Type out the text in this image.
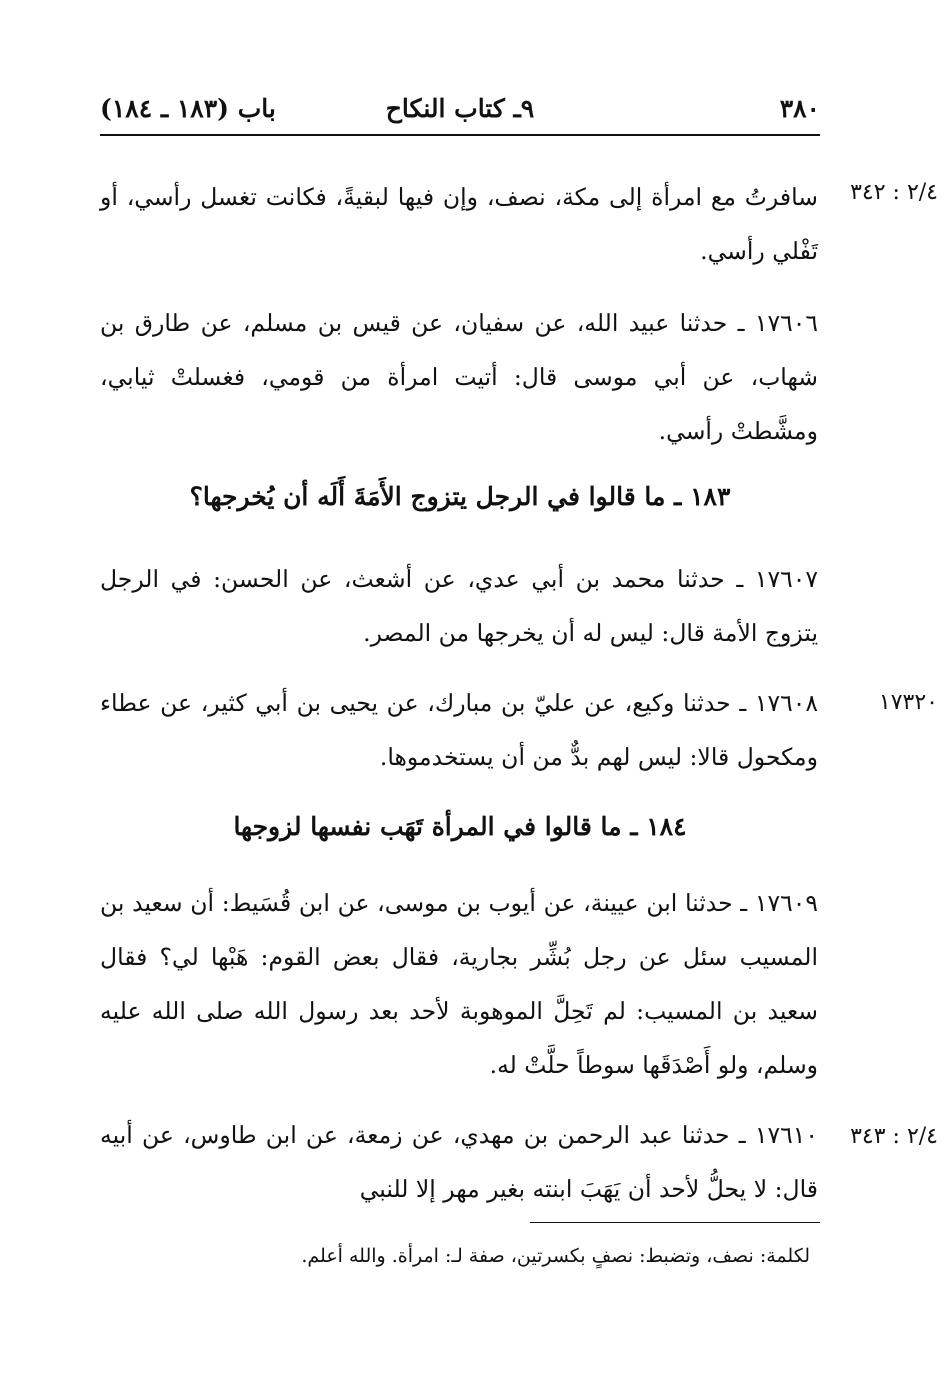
٣٨٠
٩ـ كتاب النكاح
باب (١٨٣ ـ ١٨٤)
٢/٤ : ٣٤٢
سافرتُ مع امرأة إلى مكة، نصف، وإن فيها لبقيةً، فكانت تغسل رأسي، أو تَفْلي رأسي.
١٧٦٠٦ ـ حدثنا عبيد الله، عن سفيان، عن قيس بن مسلم، عن طارق بن شهاب، عن أبي موسى قال: أتيت امرأة من قومي، فغسلتْ ثيابي، ومشَّطتْ رأسي.
١٨٣ ـ ما قالوا في الرجل يتزوج الأَمَةَ أَلَه أن يُخرجها؟
١٧٦٠٧ ـ حدثنا محمد بن أبي عدي، عن أشعث، عن الحسن: في الرجل يتزوج الأمة قال: ليس له أن يخرجها من المصر.
١٧٣٢٠
١٧٦٠٨ ـ حدثنا وكيع، عن عليّ بن مبارك، عن يحيى بن أبي كثير، عن عطاء ومكحول قالا: ليس لهم بدٌّ من أن يستخدموها.
١٨٤ ـ ما قالوا في المرأة تَهَب نفسها لزوجها
١٧٦٠٩ ـ حدثنا ابن عيينة، عن أيوب بن موسى، عن ابن قُسَيط: أن سعيد بن المسيب سئل عن رجل بُشِّر بجارية، فقال بعض القوم: هَبْها لي؟ فقال سعيد بن المسيب: لم تَحِلَّ الموهوبة لأحد بعد رسول الله صلى الله عليه وسلم، ولو أَصْدَقَها سوطاً حلَّتْ له.
٢/٤ : ٣٤٣
١٧٦١٠ ـ حدثنا عبد الرحمن بن مهدي، عن زمعة، عن ابن طاوس، عن أبيه قال: لا يحلُّ لأحد أن يَهَبَ ابنته بغير مهر إلا للنبي
لكلمة: نصف، وتضبط: نصفٍ بكسرتين، صفة لـ: امرأة. والله أعلم.
